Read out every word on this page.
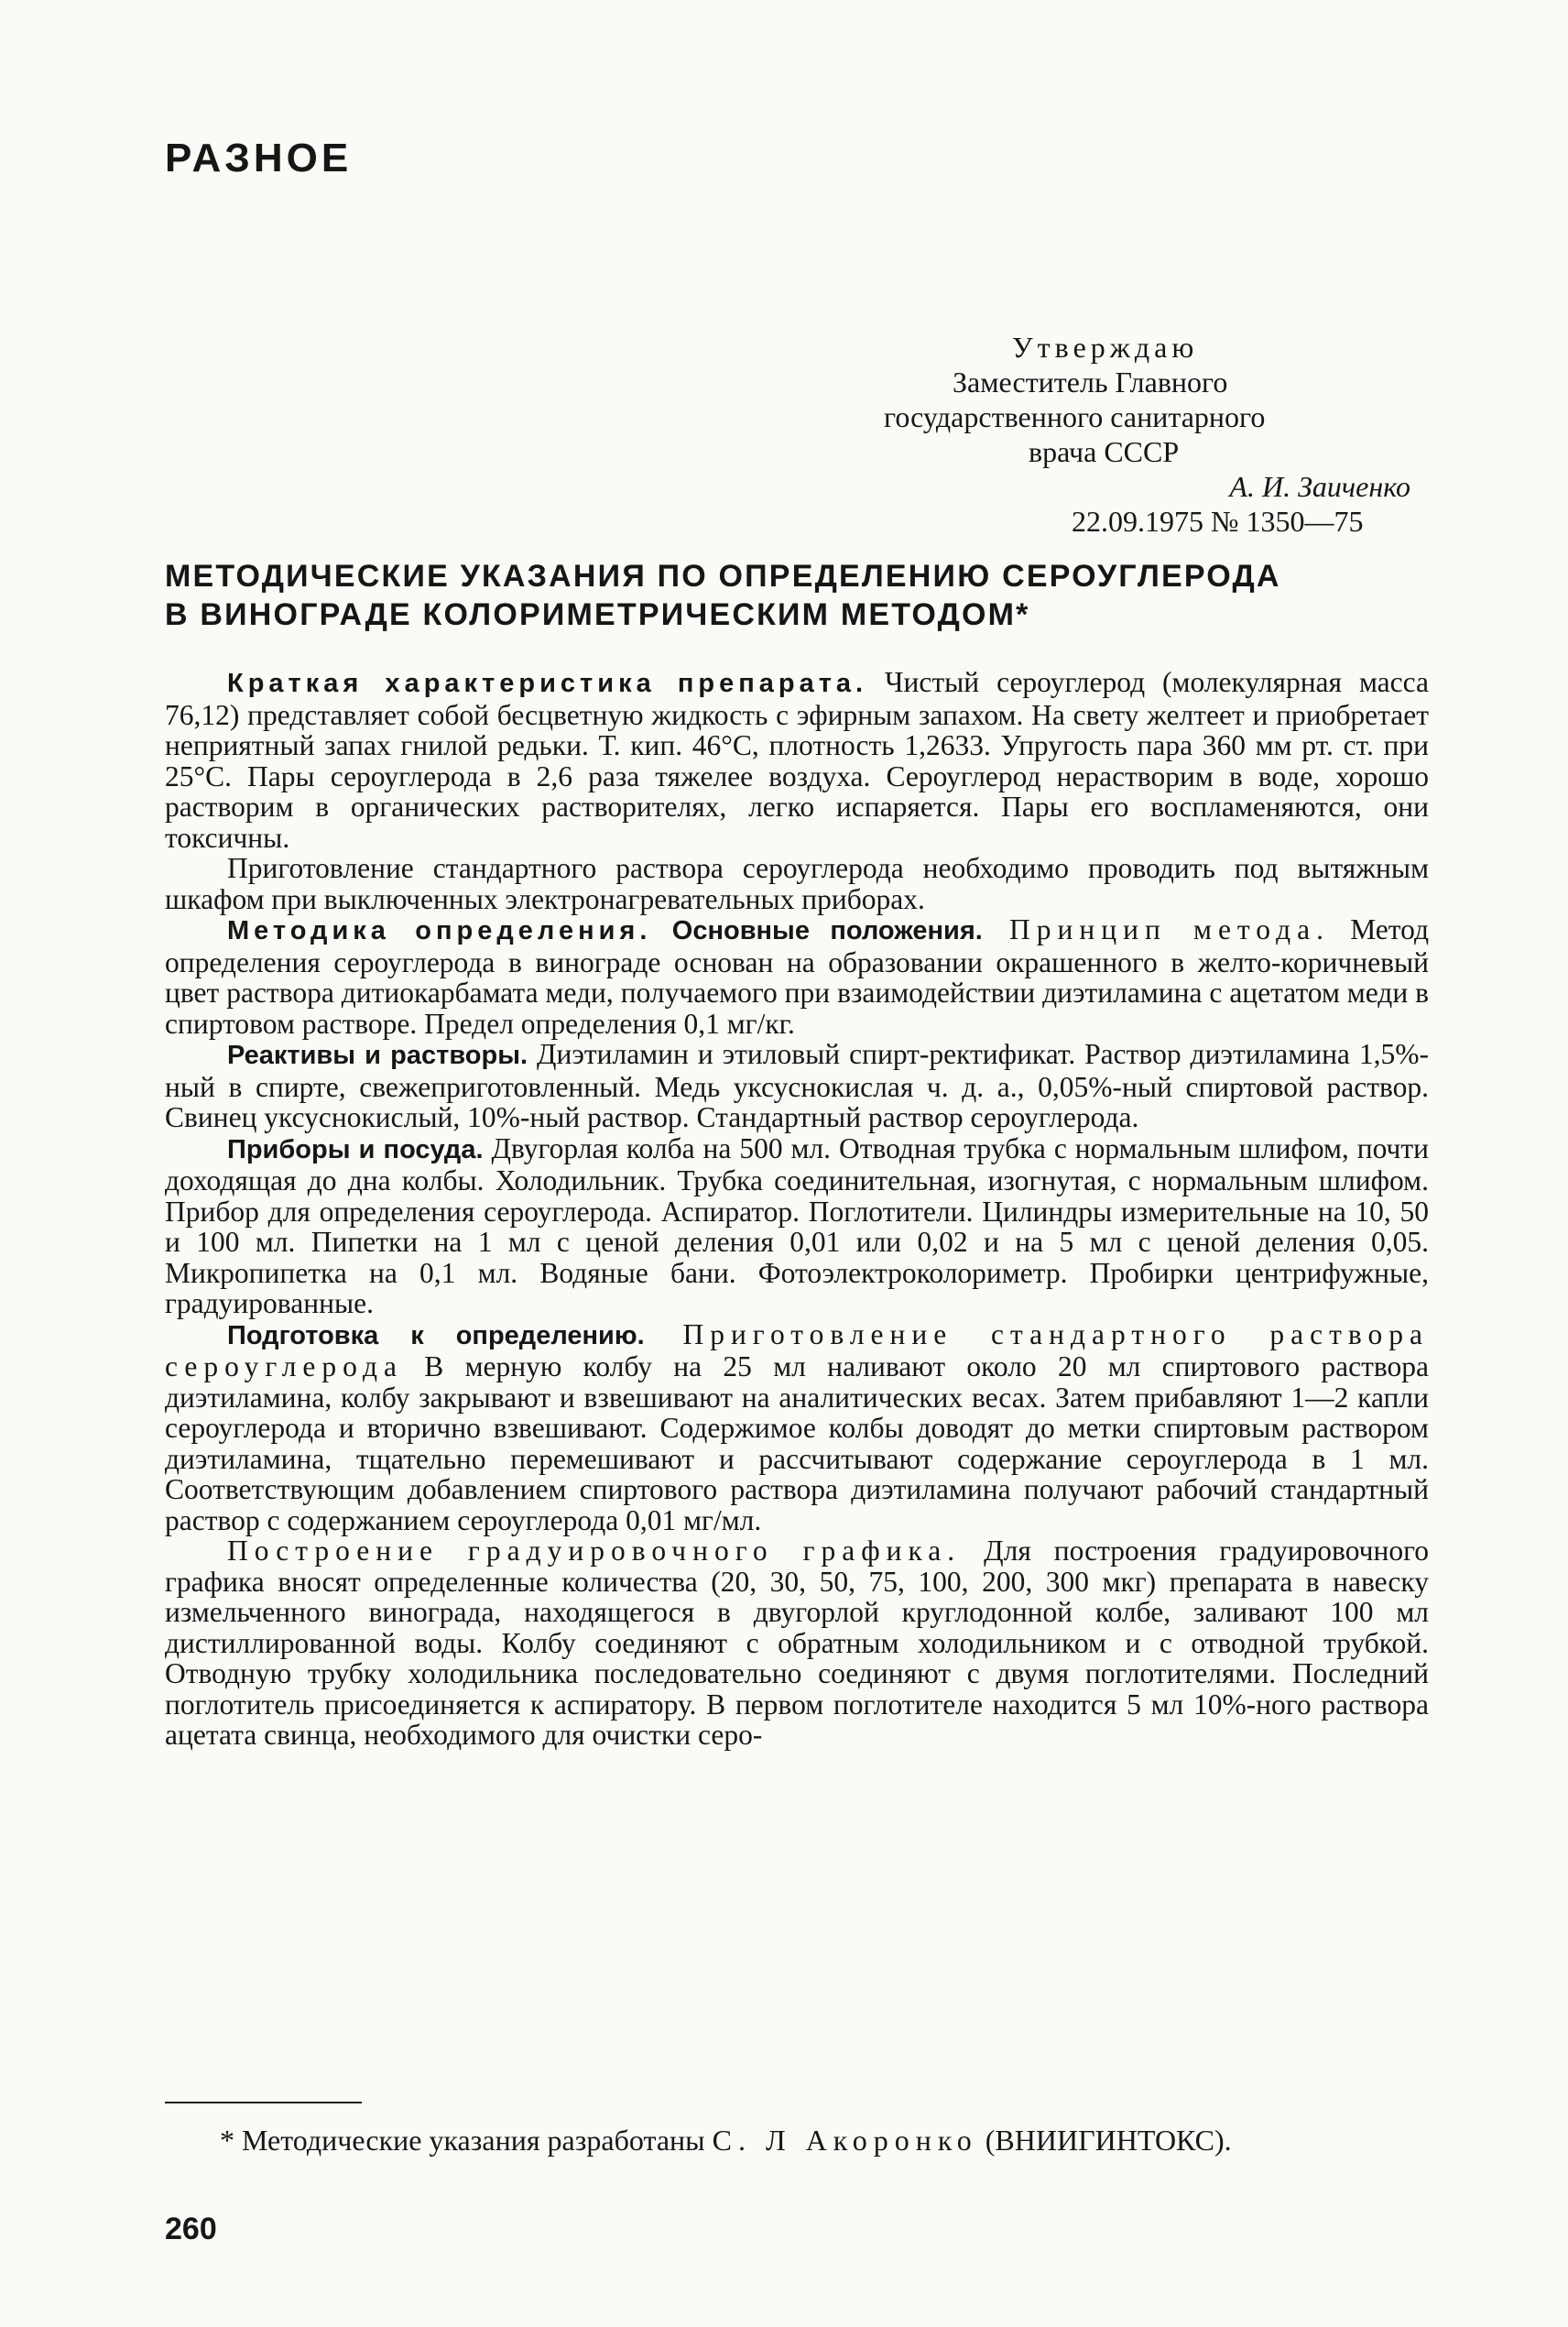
РАЗНОЕ
Утверждаю
Заместитель Главного
государственного санитарного
врача СССР
А. И. Заиченко
22.09.1975 № 1350—75
МЕТОДИЧЕСКИЕ УКАЗАНИЯ ПО ОПРЕДЕЛЕНИЮ СЕРОУГЛЕРОДА
В ВИНОГРАДЕ КОЛОРИМЕТРИЧЕСКИМ МЕТОДОМ*

Краткая характеристика препарата. Чистый сероуглерод (молекулярная масса 76,12) представляет собой бесцветную жидкость с эфирным запахом. На свету желтеет и приобретает неприятный запах гнилой редьки. Т. кип. 46°С, плотность 1,2633. Упругость пара 360 мм рт. ст. при 25°С. Пары сероуглерода в 2,6 раза тяжелее воздуха. Сероуглерод нерастворим в воде, хорошо растворим в органических растворителях, легко испаряется. Пары его воспламеняются, они токсичны.

Приготовление стандартного раствора сероуглерода необходимо проводить под вытяжным шкафом при выключенных электронагревательных приборах.

Методика определения. Основные положения. Принцип метода. Метод определения сероуглерода в винограде основан на образовании окрашенного в желто-коричневый цвет раствора дитиокарбамата меди, получаемого при взаимодействии диэтиламина с ацетатом меди в спиртовом растворе. Предел определения 0,1 мг/кг.

Реактивы и растворы. Диэтиламин и этиловый спирт-ректификат. Раствор диэтиламина 1,5%-ный в спирте, свежеприготовленный. Медь уксуснокислая ч. д. а., 0,05%-ный спиртовой раствор. Свинец уксуснокислый, 10%-ный раствор. Стандартный раствор сероуглерода.

Приборы и посуда. Двугорлая колба на 500 мл. Отводная трубка с нормальным шлифом, почти доходящая до дна колбы. Холодильник. Трубка соединительная, изогнутая, с нормальным шлифом. Прибор для определения сероуглерода. Аспиратор. Поглотители. Цилиндры измерительные на 10, 50 и 100 мл. Пипетки на 1 мл с ценой деления 0,01 или 0,02 и на 5 мл с ценой деления 0,05. Микропипетка на 0,1 мл. Водяные бани. Фотоэлектроколориметр. Пробирки центрифужные, градуированные.

Подготовка к определению. Приготовление стандартного раствора сероуглерода В мерную колбу на 25 мл наливают около 20 мл спиртового раствора диэтиламина, колбу закрывают и взвешивают на аналитических весах. Затем прибавляют 1—2 капли сероуглерода и вторично взвешивают. Содержимое колбы доводят до метки спиртовым раствором диэтиламина, тщательно перемешивают и рассчитывают содержание сероуглерода в 1 мл. Соответствующим добавлением спиртового раствора диэтиламина получают рабочий стандартный раствор с содержанием сероуглерода 0,01 мг/мл.

Построение градуировочного графика. Для построения градуировочного графика вносят определенные количества (20, 30, 50, 75, 100, 200, 300 мкг) препарата в навеску измельченного винограда, находящегося в двугорлой круглодонной колбе, заливают 100 мл дистиллированной воды. Колбу соединяют с обратным холодильником и с отводной трубкой. Отводную трубку холодильника последовательно соединяют с двумя поглотителями. Последний поглотитель присоединяется к аспиратору. В первом поглотителе находится 5 мл 10%-ного раствора ацетата свинца, необходимого для очистки серо-

* Методические указания разработаны С. Л Акоронко (ВНИИГИНТОКС).

260
